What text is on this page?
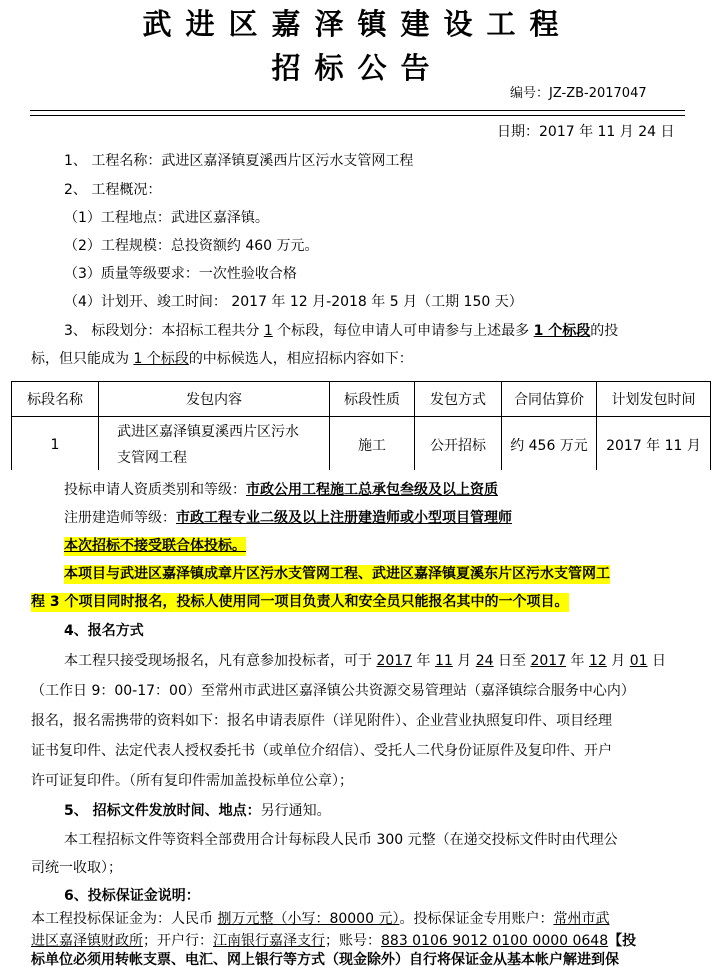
武进区嘉泽镇建设工程
招标公告
编号：JZ-ZB-2017047
日期：2017 年 11 月 24 日
1、 工程名称：武进区嘉泽镇夏溪西片区污水支管网工程
2、 工程概况：
（1）工程地点：武进区嘉泽镇。
（2）工程规模：总投资额约 460 万元。
（3）质量等级要求：一次性验收合格
（4）计划开、竣工时间： 2017 年 12 月-2018 年 5 月（工期 150 天）
3、 标段划分：本招标工程共分 1 个标段，每位申请人可申请参与上述最多 1 个标段的投
标，但只能成为 1 个标段的中标候选人，相应招标内容如下：
标段名称	发包内容	标段性质	发包方式	合同估算价	计划发包时间
1	武进区嘉泽镇夏溪西片区污水
支管网工程	施工	公开招标	约 456 万元	2017 年 11 月
投标申请人资质类别和等级：市政公用工程施工总承包叁级及以上资质
注册建造师等级：市政工程专业二级及以上注册建造师或小型项目管理师
本次招标不接受联合体投标。
本项目与武进区嘉泽镇成章片区污水支管网工程、武进区嘉泽镇夏溪东片区污水支管网工
程 3 个项目同时报名，投标人使用同一项目负责人和安全员只能报名其中的一个项目。
4、报名方式
本工程只接受现场报名，凡有意参加投标者，可于 2017 年 11 月 24 日至 2017 年 12 月 01 日
（工作日 9：00-17：00）至常州市武进区嘉泽镇公共资源交易管理站（嘉泽镇综合服务中心内）
报名，报名需携带的资料如下：报名申请表原件（详见附件）、企业营业执照复印件、项目经理
证书复印件、法定代表人授权委托书（或单位介绍信）、受托人二代身份证原件及复印件、开户
许可证复印件。（所有复印件需加盖投标单位公章）；
5、 招标文件发放时间、地点：另行通知。
本工程招标文件等资料全部费用合计每标段人民币 300 元整（在递交投标文件时由代理公
司统一收取）；
6、投标保证金说明：
本工程投标保证金为：人民币 捌万元整（小写：80000 元）。投标保证金专用账户：常州市武
进区嘉泽镇财政所；开户行：江南银行嘉泽支行；账号：883 0106 9012 0100 0000 0648【投
标单位必须用转帐支票、电汇、网上银行等方式（现金除外）自行将保证金从基本帐户解进到保
